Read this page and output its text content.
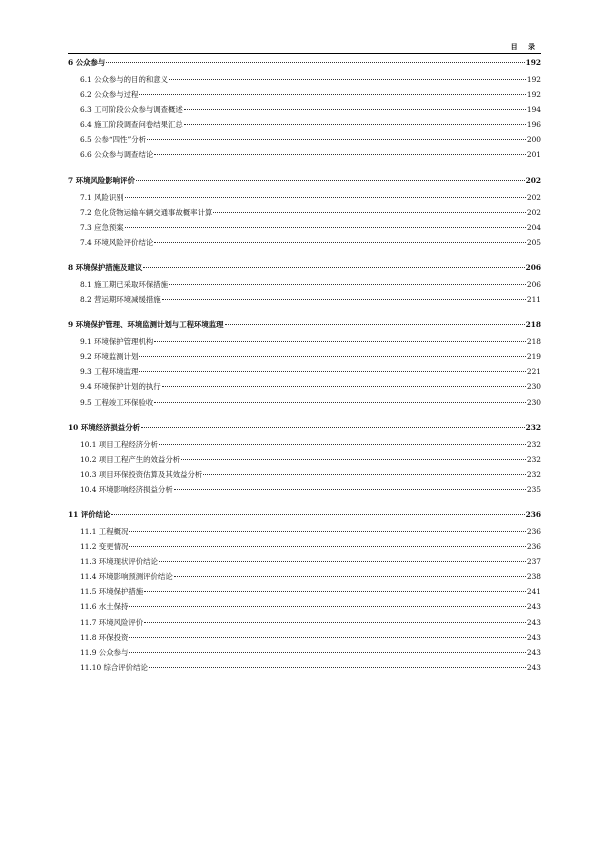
目 录
6 公众参与	192
6.1 公众参与的目的和意义	192
6.2 公众参与过程	192
6.3 工可阶段公众参与调查概述	194
6.4 施工阶段调查问卷结果汇总	196
6.5 公参“四性”分析	200
6.6 公众参与调查结论	201
7 环境风险影响评价	202
7.1 风险识别	202
7.2 危化货物运输车辆交通事故概率计算	202
7.3 应急预案	204
7.4 环境风险评价结论	205
8 环境保护措施及建议	206
8.1 施工期已采取环保措施	206
8.2 营运期环境减缓措施	211
9 环境保护管理、环境监测计划与工程环境监理	218
9.1 环境保护管理机构	218
9.2 环境监测计划	219
9.3 工程环境监理	221
9.4 环境保护计划的执行	230
9.5 工程竣工环保验收	230
10 环境经济损益分析	232
10.1 项目工程经济分析	232
10.2 项目工程产生的效益分析	232
10.3 项目环保投资估算及其效益分析	232
10.4 环境影响经济损益分析	235
11 评价结论	236
11.1 工程概况	236
11.2 变更情况	236
11.3 环境现状评价结论	237
11.4 环境影响预测评价结论	238
11.5 环境保护措施	241
11.6 水土保持	243
11.7 环境风险评价	243
11.8 环保投资	243
11.9 公众参与	243
11.10 综合评价结论	243
